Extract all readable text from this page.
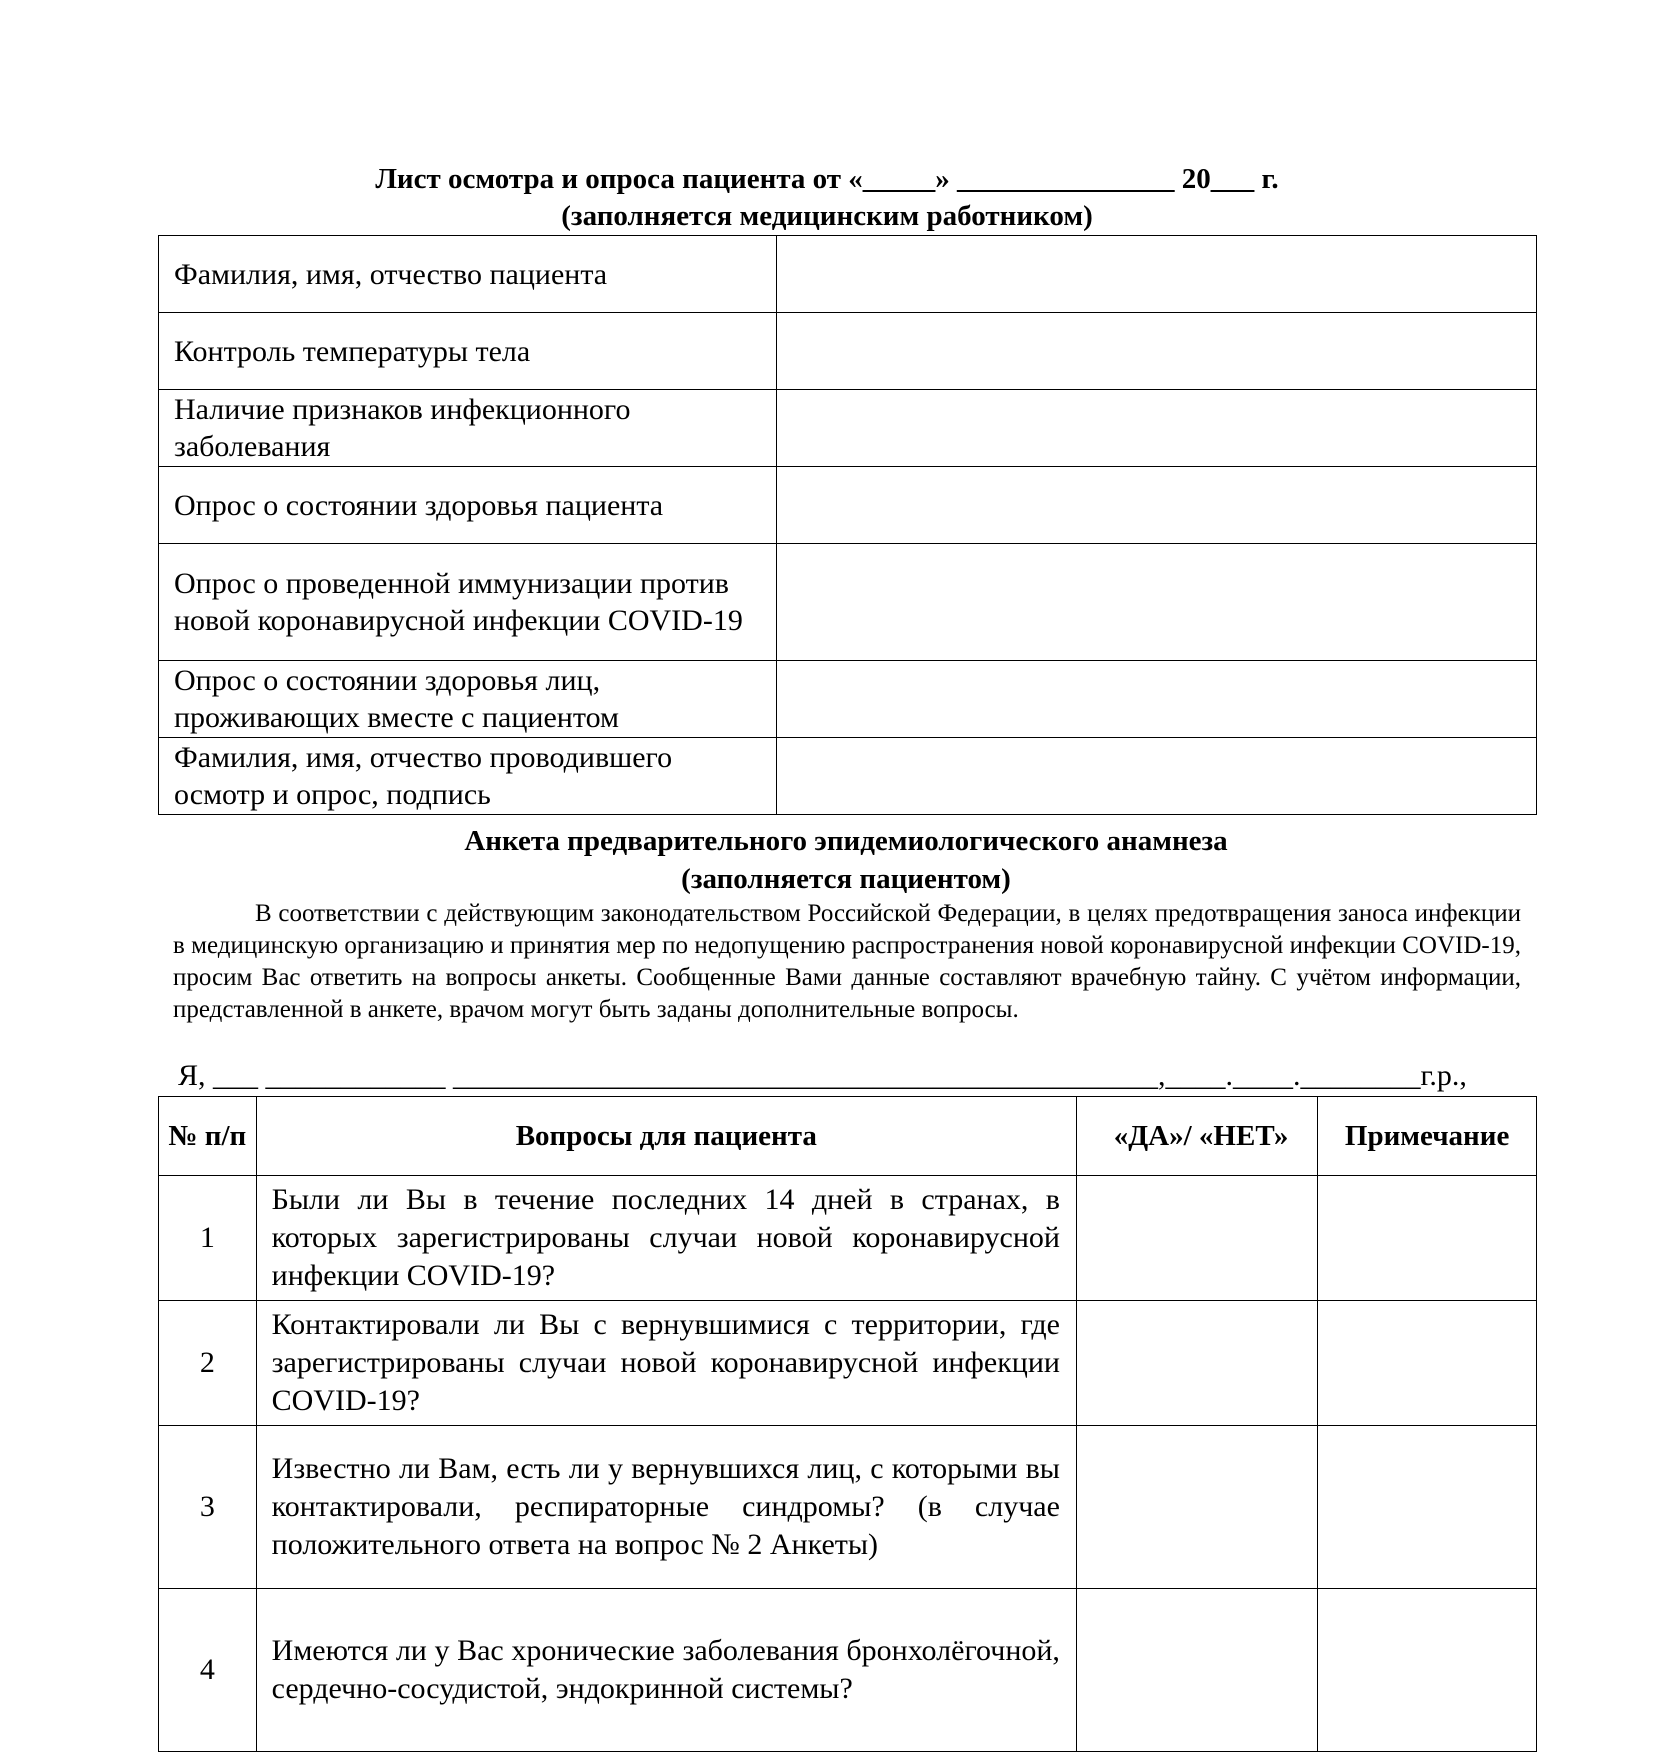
Лист осмотра и опроса пациента от «_____» _______________ 20___ г.
(заполняется медицинским работником)
Фамилия, имя, отчество пациента	
Контроль температуры тела	
Наличие признаков инфекционного заболевания	
Опрос о состоянии здоровья пациента	
Опрос о проведенной иммунизации против новой коронавирусной инфекции COVID-19	
Опрос о состоянии здоровья лиц, проживающих вместе с пациентом	
Фамилия, имя, отчество проводившего осмотр и опрос, подпись	
Анкета предварительного эпидемиологического анамнеза
(заполняется пациентом)
В соответствии с действующим законодательством Российской Федерации, в целях предотвращения заноса инфекции в медицинскую организацию и принятия мер по недопущению распространения новой коронавирусной инфекции COVID-19, просим Вас ответить на вопросы анкеты. Сообщенные Вами данные составляют врачебную тайну. С учётом информации, представленной в анкете, врачом могут быть заданы дополнительные вопросы.
Я, ___ ____________ _______________________________________________,____.____.________г.р.,
№ п/п	Вопросы для пациента	«ДА»/ «НЕТ»	Примечание
1	Были ли Вы в течение последних 14 дней в странах, в которых зарегистрированы случаи новой коронавирусной инфекции COVID-19?		
2	Контактировали ли Вы с вернувшимися с территории, где зарегистрированы случаи новой коронавирусной инфекции COVID-19?		
3	Известно ли Вам, есть ли у вернувшихся лиц, с которыми вы контактировали, респираторные синдромы? (в случае положительного ответа на вопрос № 2 Анкеты)		
4	Имеются ли у Вас хронические заболевания бронхолёгочной, сердечно-сосудистой, эндокринной системы?		
